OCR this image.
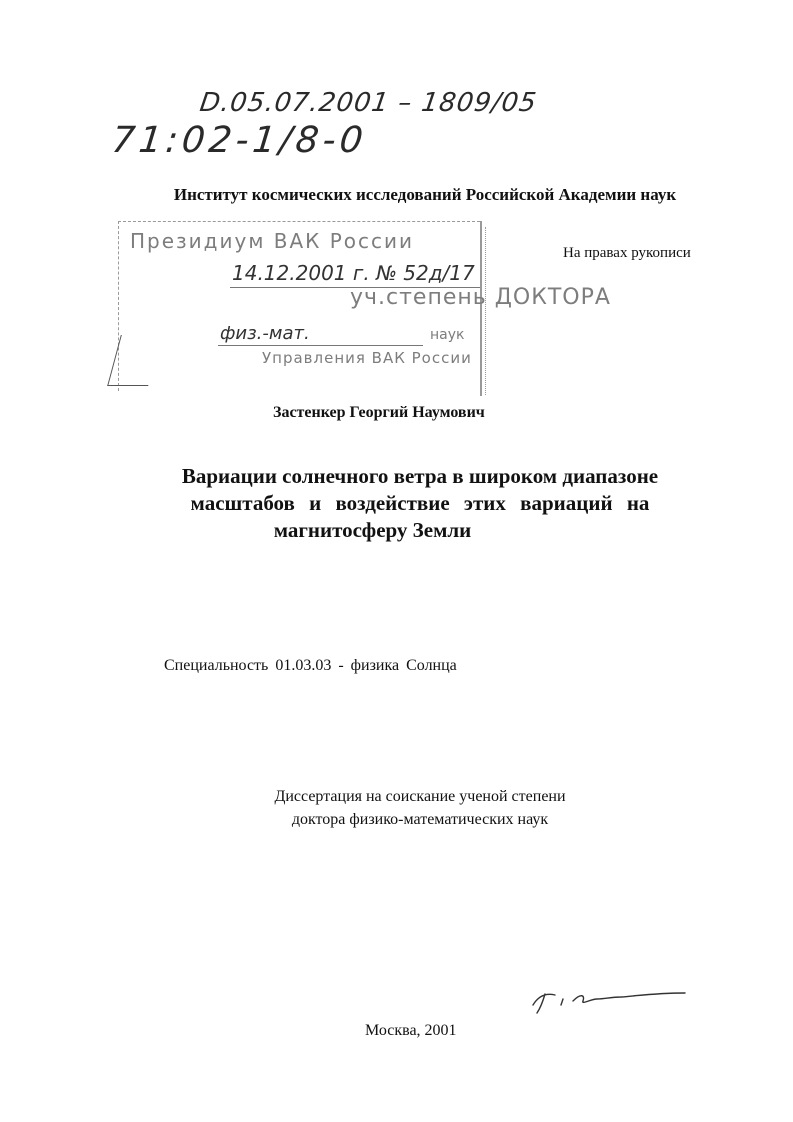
D.05.07.2001 – 1809/05
71:02-1/8-0
Институт космических исследований Российской Академии наук
На правах рукописи
Президиум ВАК России
14.12.2001 г. № 52д/17
уч.степень ДОКТОРА
физ.-мат.	наук
Управления ВАК России
Застенкер Георгий Наумович
Вариации солнечного ветра в широком диапазоне
масштабов и воздействие этих вариаций на
магнитосферу Земли
Специальность 01.03.03 - физика Солнца
Диссертация на соискание ученой степени
доктора физико-математических наук
Москва, 2001
